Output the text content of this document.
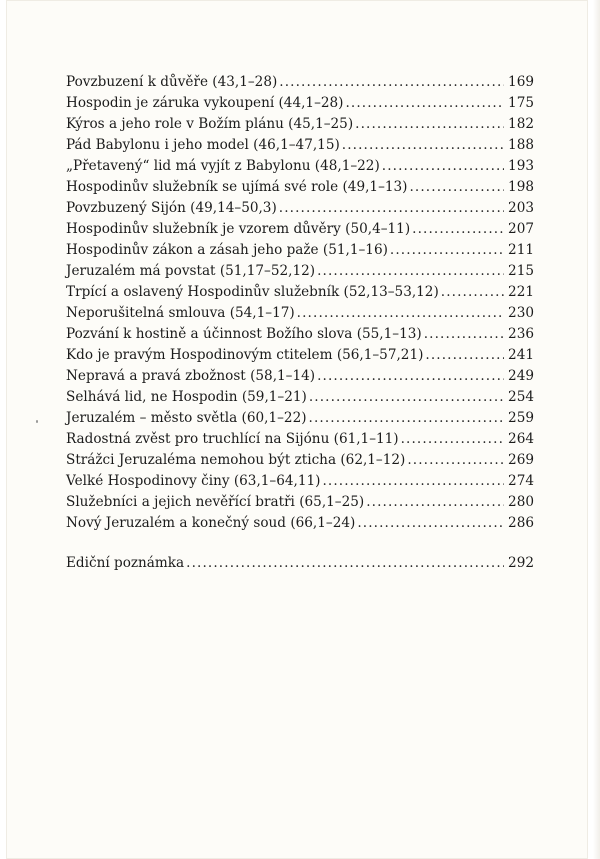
Povzbuzení k důvěře (43,1–28) . . .	169
Hospodin je záruka vykoupení (44,1–28) . . .	175
Kýros a jeho role v Božím plánu (45,1–25) . . .	182
Pád Babylonu i jeho model (46,1–47,15) . . .	188
„Přetavený“ lid má vyjít z Babylonu (48,1–22) . . .	193
Hospodinův služebník se ujímá své role (49,1–13) . . .	198
Povzbuzený Sijón (49,14–50,3) . . .	203
Hospodinův služebník je vzorem důvěry (50,4–11) . . .	207
Hospodinův zákon a zásah jeho paže (51,1–16) . . .	211
Jeruzalém má povstat (51,17–52,12) . . .	215
Trpící a oslavený Hospodinův služebník (52,13–53,12) . . .	221
Neporušitelná smlouva (54,1–17) . . .	230
Pozvání k hostině a účinnost Božího slova (55,1–13) . . .	236
Kdo je pravým Hospodinovým ctitelem (56,1–57,21) . . .	241
Nepravá a pravá zbožnost (58,1–14) . . .	249
Selhává lid, ne Hospodin (59,1–21) . . .	254
Jeruzalém – město světla (60,1–22) . . .	259
Radostná zvěst pro truchlící na Sijónu (61,1–11) . . .	264
Strážci Jeruzaléma nemohou být zticha (62,1–12) . . .	269
Velké Hospodinovy činy (63,1–64,11) . . .	274
Služebníci a jejich nevěřící bratři (65,1–25) . . .	280
Nový Jeruzalém a konečný soud (66,1–24) . . .	286
Ediční poznámka . . .	292
